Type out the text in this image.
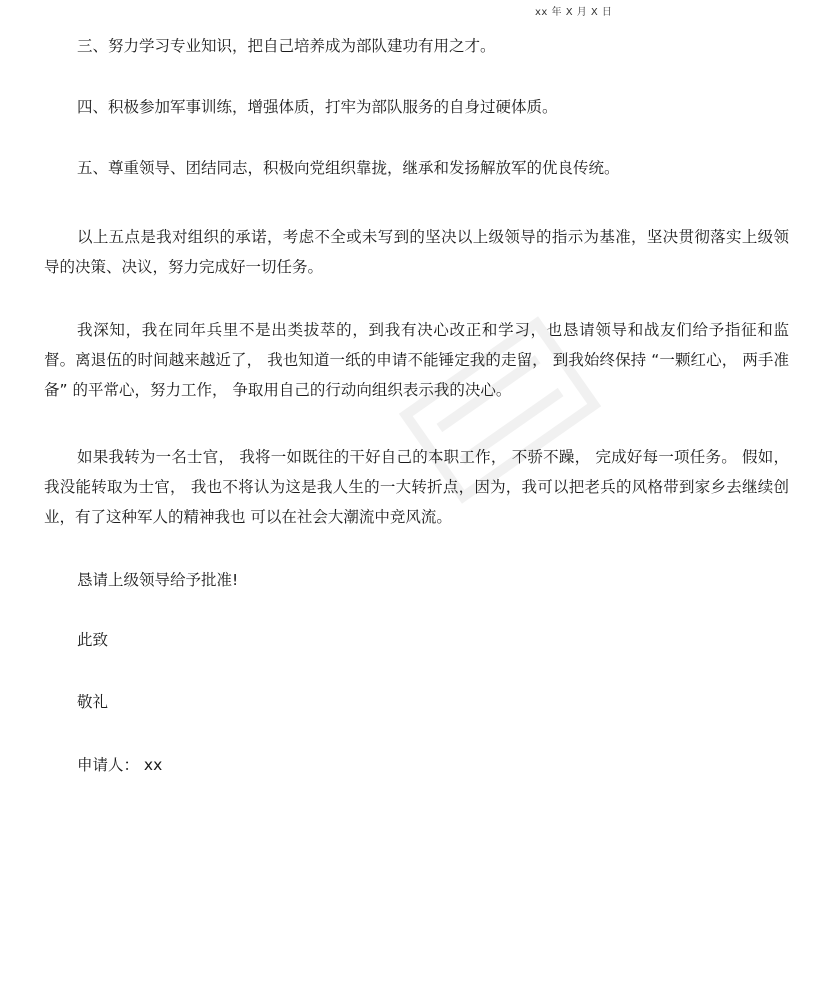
xx 年 X 月 X 日
三、努力学习专业知识，把自己培养成为部队建功有用之才。
四、积极参加军事训练，增强体质，打牢为部队服务的自身过硬体质。
五、尊重领导、团结同志，积极向党组织靠拢，继承和发扬解放军的优良传统。
以上五点是我对组织的承诺，考虑不全或未写到的坚决以上级领导的指示为基准，坚决贯彻落实上级领导的决策、决议，努力完成好一切任务。
我深知，我在同年兵里不是出类拔萃的，到我有决心改正和学习，也恳请领导和战友们给予指征和监督。离退伍的时间越来越近了， 我也知道一纸的申请不能锤定我的走留， 到我始终保持 “一颗红心， 两手准备” 的平常心，努力工作， 争取用自己的行动向组织表示我的决心。
如果我转为一名士官， 我将一如既往的干好自己的本职工作， 不骄不躁， 完成好每一项任务。 假如， 我没能转取为士官， 我也不将认为这是我人生的一大转折点，因为，我可以把老兵的风格带到家乡去继续创业，有了这种军人的精神我也 可以在社会大潮流中竞风流。
恳请上级领导给予批准!
此致
敬礼
申请人： xx
